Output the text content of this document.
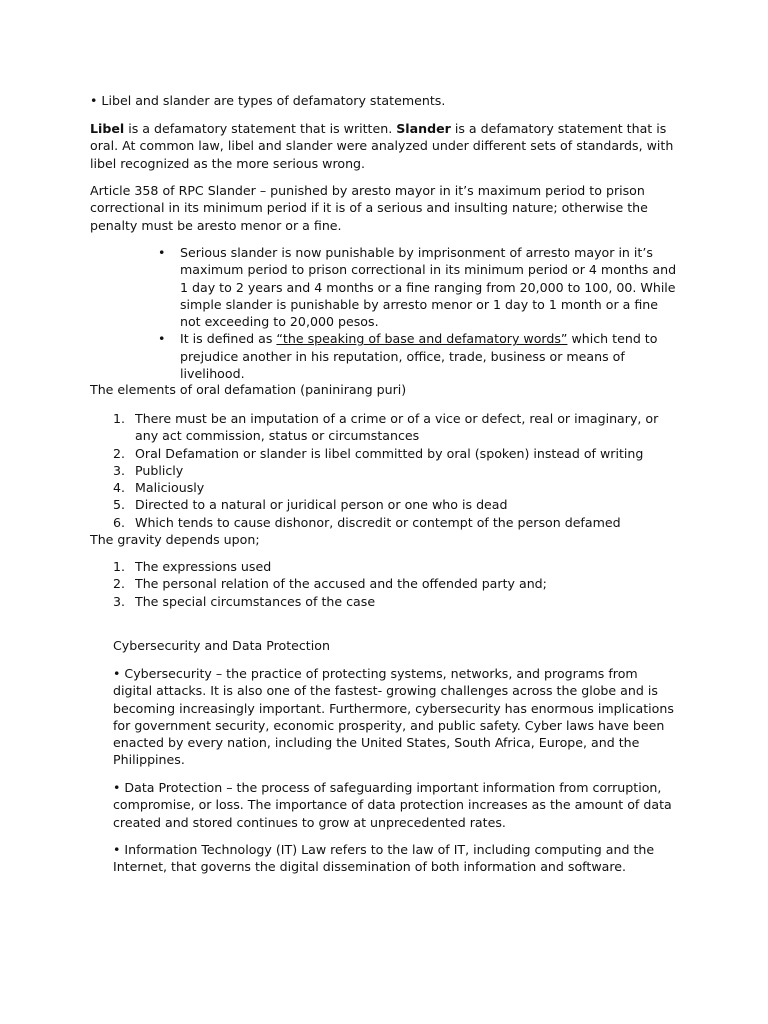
• Libel and slander are types of defamatory statements.

Libel is a defamatory statement that is written. Slander is a defamatory statement that is oral. At common law, libel and slander were analyzed under different sets of standards, with libel recognized as the more serious wrong.

Article 358 of RPC Slander – punished by aresto mayor in it’s maximum period to prison correctional in its minimum period if it is of a serious and insulting nature; otherwise the penalty must be aresto menor or a fine.

• Serious slander is now punishable by imprisonment of arresto mayor in it’s maximum period to prison correctional in its minimum period or 4 months and 1 day to 2 years and 4 months or a fine ranging from 20,000 to 100, 00. While simple slander is punishable by arresto menor or 1 day to 1 month or a fine not exceeding to 20,000 pesos.
• It is defined as “the speaking of base and defamatory words” which tend to prejudice another in his reputation, office, trade, business or means of livelihood.

The elements of oral defamation (paninirang puri)

1. There must be an imputation of a crime or of a vice or defect, real or imaginary, or any act commission, status or circumstances
2. Oral Defamation or slander is libel committed by oral (spoken) instead of writing
3. Publicly
4. Maliciously
5. Directed to a natural or juridical person or one who is dead
6. Which tends to cause dishonor, discredit or contempt of the person defamed

The gravity depends upon;

1. The expressions used
2. The personal relation of the accused and the offended party and;
3. The special circumstances of the case

Cybersecurity and Data Protection

• Cybersecurity – the practice of protecting systems, networks, and programs from digital attacks. It is also one of the fastest- growing challenges across the globe and is becoming increasingly important. Furthermore, cybersecurity has enormous implications for government security, economic prosperity, and public safety. Cyber laws have been enacted by every nation, including the United States, South Africa, Europe, and the Philippines.

• Data Protection – the process of safeguarding important information from corruption, compromise, or loss. The importance of data protection increases as the amount of data created and stored continues to grow at unprecedented rates.

• Information Technology (IT) Law refers to the law of IT, including computing and the Internet, that governs the digital dissemination of both information and software.
